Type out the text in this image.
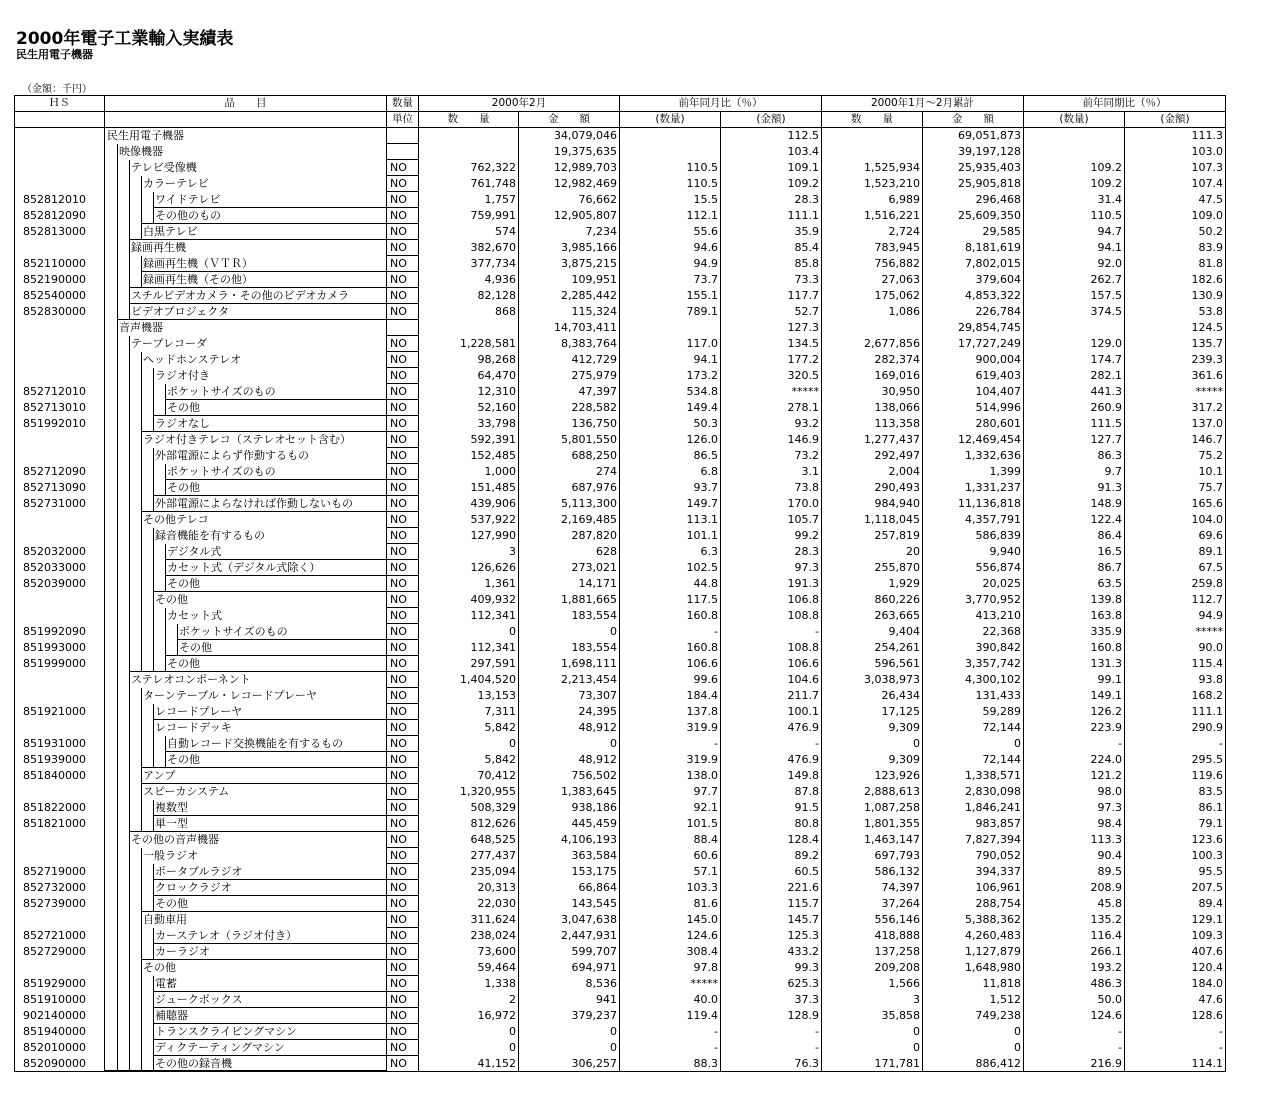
2000年電子工業輸入実績表
民生用電子機器
（金額：千円）
ＨＳ	品　　目	数量	2000年2月		前年同月比（％）		2000年1月～2月累計		前年同期比（％）	
		単位	数　　量	金　　額	(数量)	(金額)	数　　量	金　　額	(数量)	(金額)

	民生用電子機器			34,079,046		112.5		69,051,873		111.3

	映像機器			19,375,635		103.4		39,197,128		103.0

	テレビ受像機	NO	762,322	12,989,703	110.5	109.1	1,525,934	25,935,403	109.2	107.3

	カラーテレビ	NO	761,748	12,982,469	110.5	109.2	1,523,210	25,905,818	109.2	107.4
852812010	ワイドテレビ	NO	1,757	76,662	15.5	28.3	6,989	296,468	31.4	47.5
852812090	その他のもの	NO	759,991	12,905,807	112.1	111.1	1,516,221	25,609,350	110.5	109.0
852813000	白黒テレビ	NO	574	7,234	55.6	35.9	2,724	29,585	94.7	50.2

	録画再生機	NO	382,670	3,985,166	94.6	85.4	783,945	8,181,619	94.1	83.9
852110000	録画再生機（ＶＴＲ）	NO	377,734	3,875,215	94.9	85.8	756,882	7,802,015	92.0	81.8
852190000	録画再生機（その他）	NO	4,936	109,951	73.7	73.3	27,063	379,604	262.7	182.6
852540000	スチルビデオカメラ・その他のビデオカメラ	NO	82,128	2,285,442	155.1	117.7	175,062	4,853,322	157.5	130.9
852830000	ビデオプロジェクタ	NO	868	115,324	789.1	52.7	1,086	226,784	374.5	53.8

	音声機器			14,703,411		127.3		29,854,745		124.5

	テープレコーダ	NO	1,228,581	8,383,764	117.0	134.5	2,677,856	17,727,249	129.0	135.7

	ヘッドホンステレオ	NO	98,268	412,729	94.1	177.2	282,374	900,004	174.7	239.3

	ラジオ付き	NO	64,470	275,979	173.2	320.5	169,016	619,403	282.1	361.6
852712010	ポケットサイズのもの	NO	12,310	47,397	534.8	*****	30,950	104,407	441.3	*****
852713010	その他	NO	52,160	228,582	149.4	278.1	138,066	514,996	260.9	317.2
851992010	ラジオなし	NO	33,798	136,750	50.3	93.2	113,358	280,601	111.5	137.0

	ラジオ付きテレコ（ステレオセット含む）	NO	592,391	5,801,550	126.0	146.9	1,277,437	12,469,454	127.7	146.7

	外部電源によらず作動するもの	NO	152,485	688,250	86.5	73.2	292,497	1,332,636	86.3	75.2
852712090	ポケットサイズのもの	NO	1,000	274	6.8	3.1	2,004	1,399	9.7	10.1
852713090	その他	NO	151,485	687,976	93.7	73.8	290,493	1,331,237	91.3	75.7
852731000	外部電源によらなければ作動しないもの	NO	439,906	5,113,300	149.7	170.0	984,940	11,136,818	148.9	165.6

	その他テレコ	NO	537,922	2,169,485	113.1	105.7	1,118,045	4,357,791	122.4	104.0

	録音機能を有するもの	NO	127,990	287,820	101.1	99.2	257,819	586,839	86.4	69.6
852032000	デジタル式	NO	3	628	6.3	28.3	20	9,940	16.5	89.1
852033000	カセット式（デジタル式除く）	NO	126,626	273,021	102.5	97.3	255,870	556,874	86.7	67.5
852039000	その他	NO	1,361	14,171	44.8	191.3	1,929	20,025	63.5	259.8

	その他	NO	409,932	1,881,665	117.5	106.8	860,226	3,770,952	139.8	112.7

	カセット式	NO	112,341	183,554	160.8	108.8	263,665	413,210	163.8	94.9
851992090	ポケットサイズのもの	NO	0	0	-	-	9,404	22,368	335.9	*****
851993000	その他	NO	112,341	183,554	160.8	108.8	254,261	390,842	160.8	90.0
851999000	その他	NO	297,591	1,698,111	106.6	106.6	596,561	3,357,742	131.3	115.4

	ステレオコンポーネント	NO	1,404,520	2,213,454	99.6	104.6	3,038,973	4,300,102	99.1	93.8

	ターンテーブル・レコードプレーヤ	NO	13,153	73,307	184.4	211.7	26,434	131,433	149.1	168.2
851921000	レコードプレーヤ	NO	7,311	24,395	137.8	100.1	17,125	59,289	126.2	111.1

	レコードデッキ	NO	5,842	48,912	319.9	476.9	9,309	72,144	223.9	290.9
851931000	自動レコード交換機能を有するもの	NO	0	0	-	-	0	0	-	-
851939000	その他	NO	5,842	48,912	319.9	476.9	9,309	72,144	224.0	295.5
851840000	アンプ	NO	70,412	756,502	138.0	149.8	123,926	1,338,571	121.2	119.6

	スピーカシステム	NO	1,320,955	1,383,645	97.7	87.8	2,888,613	2,830,098	98.0	83.5
851822000	複数型	NO	508,329	938,186	92.1	91.5	1,087,258	1,846,241	97.3	86.1
851821000	単一型	NO	812,626	445,459	101.5	80.8	1,801,355	983,857	98.4	79.1

	その他の音声機器	NO	648,525	4,106,193	88.4	128.4	1,463,147	7,827,394	113.3	123.6

	一般ラジオ	NO	277,437	363,584	60.6	89.2	697,793	790,052	90.4	100.3
852719000	ポータブルラジオ	NO	235,094	153,175	57.1	60.5	586,132	394,337	89.5	95.5
852732000	クロックラジオ	NO	20,313	66,864	103.3	221.6	74,397	106,961	208.9	207.5
852739000	その他	NO	22,030	143,545	81.6	115.7	37,264	288,754	45.8	89.4

	自動車用	NO	311,624	3,047,638	145.0	145.7	556,146	5,388,362	135.2	129.1
852721000	カーステレオ（ラジオ付き）	NO	238,024	2,447,931	124.6	125.3	418,888	4,260,483	116.4	109.3
852729000	カーラジオ	NO	73,600	599,707	308.4	433.2	137,258	1,127,879	266.1	407.6

	その他	NO	59,464	694,971	97.8	99.3	209,208	1,648,980	193.2	120.4
851929000	電蓄	NO	1,338	8,536	*****	625.3	1,566	11,818	486.3	184.0
851910000	ジュークボックス	NO	2	941	40.0	37.3	3	1,512	50.0	47.6
902140000	補聴器	NO	16,972	379,237	119.4	128.9	35,858	749,238	124.6	128.6
851940000	トランスクライビングマシン	NO	0	0	-	-	0	0	-	-
852010000	ディクテーティングマシン	NO	0	0	-	-	0	0	-	-
852090000	その他の録音機	NO	41,152	306,257	88.3	76.3	171,781	886,412	216.9	114.1
